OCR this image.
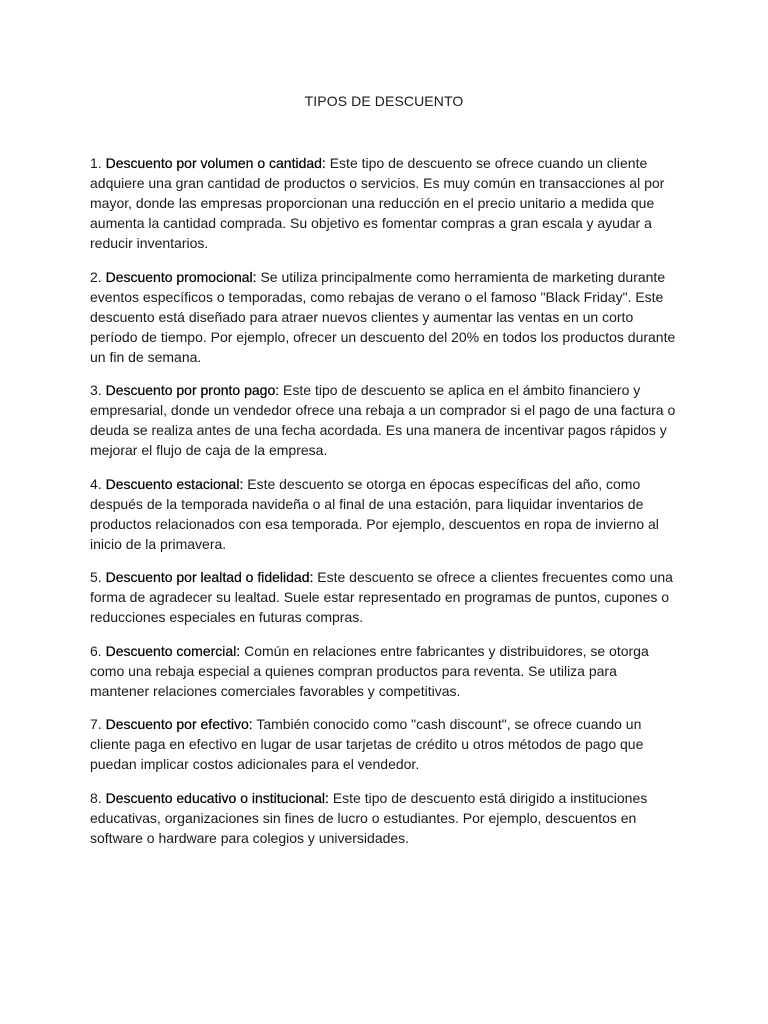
TIPOS DE DESCUENTO

1. Descuento por volumen o cantidad: Este tipo de descuento se ofrece cuando un cliente adquiere una gran cantidad de productos o servicios. Es muy común en transacciones al por mayor, donde las empresas proporcionan una reducción en el precio unitario a medida que aumenta la cantidad comprada. Su objetivo es fomentar compras a gran escala y ayudar a reducir inventarios.

2. Descuento promocional: Se utiliza principalmente como herramienta de marketing durante eventos específicos o temporadas, como rebajas de verano o el famoso "Black Friday". Este descuento está diseñado para atraer nuevos clientes y aumentar las ventas en un corto período de tiempo. Por ejemplo, ofrecer un descuento del 20% en todos los productos durante un fin de semana.

3. Descuento por pronto pago: Este tipo de descuento se aplica en el ámbito financiero y empresarial, donde un vendedor ofrece una rebaja a un comprador si el pago de una factura o deuda se realiza antes de una fecha acordada. Es una manera de incentivar pagos rápidos y mejorar el flujo de caja de la empresa.

4. Descuento estacional: Este descuento se otorga en épocas específicas del año, como después de la temporada navideña o al final de una estación, para liquidar inventarios de productos relacionados con esa temporada. Por ejemplo, descuentos en ropa de invierno al inicio de la primavera.

5. Descuento por lealtad o fidelidad: Este descuento se ofrece a clientes frecuentes como una forma de agradecer su lealtad. Suele estar representado en programas de puntos, cupones o reducciones especiales en futuras compras.

6. Descuento comercial: Común en relaciones entre fabricantes y distribuidores, se otorga como una rebaja especial a quienes compran productos para reventa. Se utiliza para mantener relaciones comerciales favorables y competitivas.

7. Descuento por efectivo: También conocido como "cash discount", se ofrece cuando un cliente paga en efectivo en lugar de usar tarjetas de crédito u otros métodos de pago que puedan implicar costos adicionales para el vendedor.

8. Descuento educativo o institucional: Este tipo de descuento está dirigido a instituciones educativas, organizaciones sin fines de lucro o estudiantes. Por ejemplo, descuentos en software o hardware para colegios y universidades.
